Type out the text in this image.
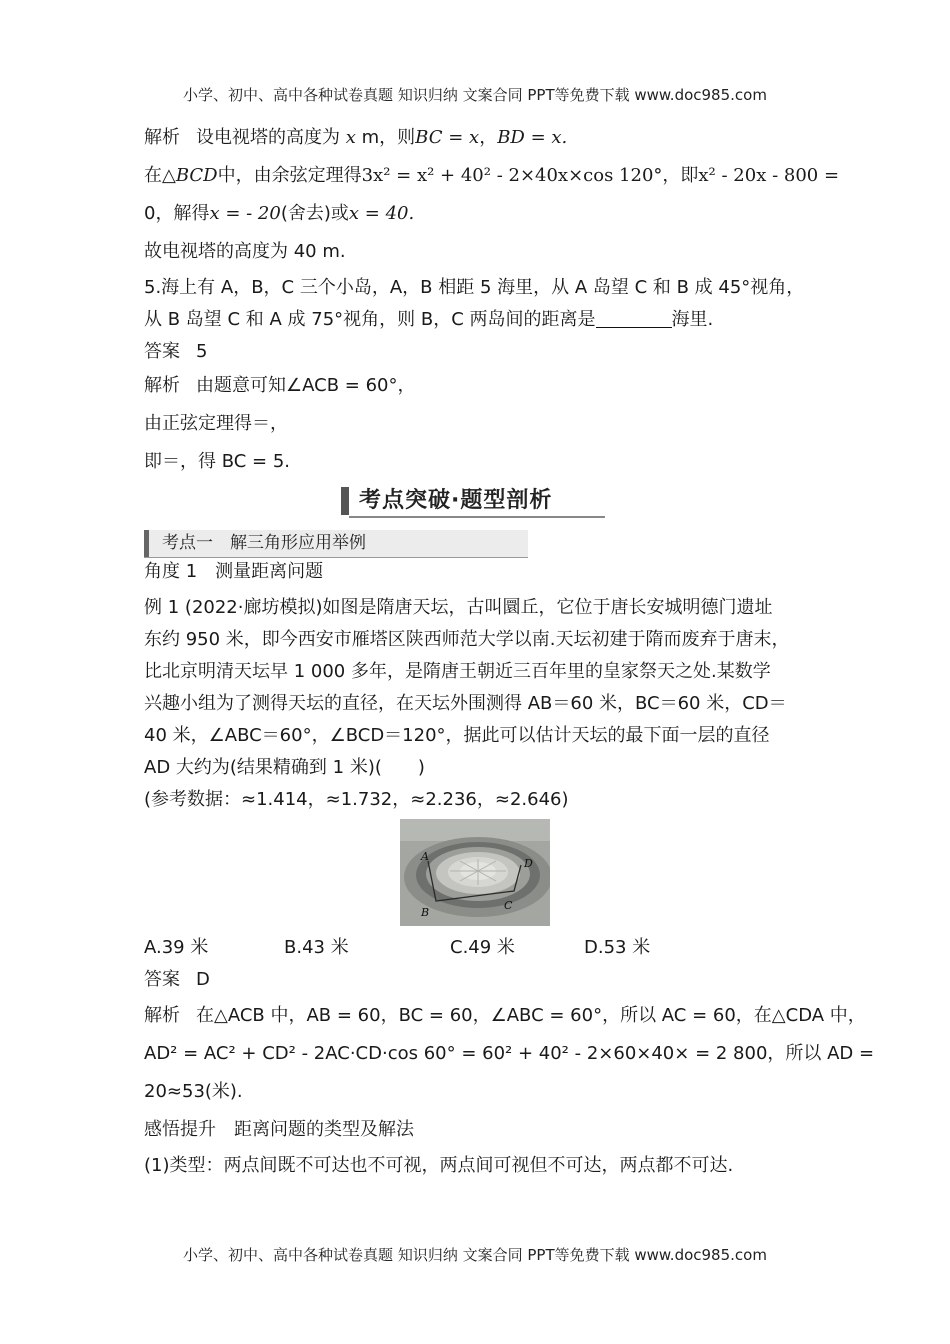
小学、初中、高中各种试卷真题 知识归纳 文案合同 PPT等免费下载 www.doc985.com
解析 设电视塔的高度为 x m，则BC = x，BD = x.
在△BCD中，由余弦定理得3x² = x² + 40² - 2×40x×cos 120°，即x² - 20x - 800 =
0，解得x = - 20(舍去)或x = 40.
故电视塔的高度为 40 m.
5.海上有 A，B，C 三个小岛，A，B 相距 5 海里，从 A 岛望 C 和 B 成 45°视角，
从 B 岛望 C 和 A 成 75°视角，则 B，C 两岛间的距离是	海里.
答案 5
解析 由题意可知∠ACB = 60°，
由正弦定理得＝，
即＝，得 BC = 5.
考点突破·题型剖析
考点一　解三角形应用举例
角度 1　测量距离问题
例 1 (2022·廊坊模拟)如图是隋唐天坛，古叫圜丘，它位于唐长安城明德门遗址
东约 950 米，即今西安市雁塔区陕西师范大学以南.天坛初建于隋而废弃于唐末，
比北京明清天坛早 1 000 多年，是隋唐王朝近三百年里的皇家祭天之处.某数学
兴趣小组为了测得天坛的直径，在天坛外围测得 AB＝60 米，BC＝60 米，CD＝
40 米，∠ABC＝60°，∠BCD＝120°，据此可以估计天坛的最下面一层的直径
AD 大约为(结果精确到 1 米)(　　)
(参考数据：≈1.414，≈1.732，≈2.236，≈2.646)
A
B
C
D
A.39 米	B.43 米	C.49 米	D.53 米
答案 D
解析 在△ACB 中，AB = 60，BC = 60，∠ABC = 60°，所以 AC = 60，在△CDA 中，
AD² = AC² + CD² - 2AC·CD·cos 60° = 60² + 40² - 2×60×40× = 2 800，所以 AD =
20≈53(米).
感悟提升　距离问题的类型及解法
(1)类型：两点间既不可达也不可视，两点间可视但不可达，两点都不可达.
小学、初中、高中各种试卷真题 知识归纳 文案合同 PPT等免费下载 www.doc985.com
